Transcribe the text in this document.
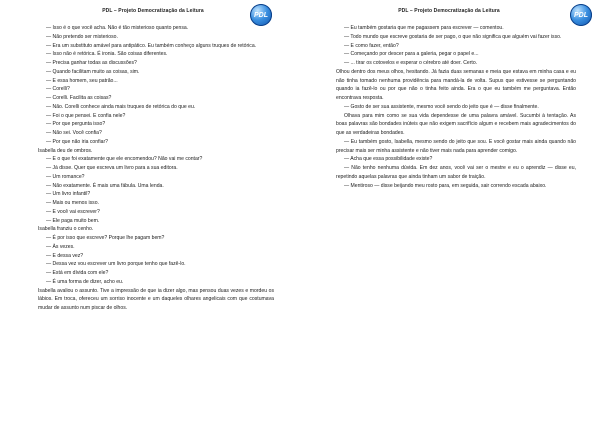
PDL – Projeto Democratização da Leitura
PDL

— Isso é o que você acha. Não é tão misterioso quanto pensa.

— Não pretendo ser misterioso.

— Era um substituto amável para antipático. Eu também conheço alguns truques de retórica.

— Isso não é retórica. É ironia. São coisas diferentes.

— Precisa ganhar todas as discussões?

— Quando facilitam muito as coisas, sim.

— E essa homem, seu patrão...

— Corelli?

— Corelli. Facilita as coisas?

— Não. Corelli conhece ainda mais truques de retórica do que eu.

— Foi o que pensei. E confia nele?

— Por que pergunta isso?

— Não sei. Você confia?

— Por que não iria confiar?

Isabella deu de ombros.

— E o que foi exatamente que ele encomendou? Não vai me contar?

— Já disse. Quer que escreva um livro para a sua editora.

— Um romance?

— Não exatamente. É mais uma fábula. Uma lenda.

— Um livro infantil?

— Mais ou menos isso.

— E você vai escrever?

— Ele paga muito bem.

Isabella franziu o cenho.

— É por isso que escreve? Porque lhe pagam bem?

— Às vezes.

— E dessa vez?

— Dessa vez vou escrever um livro porque tenho que fazê-lo.

— Está em dívida com ele?

— É uma forma de dizer, acho eu.

Isabella avaliou o assunto. Tive a impressão de que ia dizer algo, mas pensou duas vezes e mordeu os lábios. Em troca, ofereceu um sorriso inocente e um daqueles olhares angelicais com que costumava mudar de assunto num piscar de olhos.

PDL – Projeto Democratização da Leitura
PDL

— Eu também gostaria que me pagassem para escrever — comentou.

— Todo mundo que escreve gostaria de ser pago, o que não significa que alguém vai fazer isso.

— E como fazer, então?

— Começando por descer para a galeria, pegar o papel e...

— ... tirar os cotovelos e esperar o cérebro até doer. Certo.

Olhou dentro dos meus olhos, hesitando. Já fazia duas semanas e meia que estava em minha casa e eu não tinha tomado nenhuma providência para mandá-la de volta. Supus que estivesse se perguntando quando ia fazê-lo ou por que não o tinha feito ainda. Era o que eu também me perguntava. Então encontrava resposta.

— Gosto de ser sua assistente, mesmo você sendo do jeito que é — disse finalmente.

Olhava para mim como se sua vida dependesse de uma palavra amável. Sucumbi à tentação. As boas palavras são bondades inúteis que não exigem sacrifício algum e recebem mais agradecimentos do que as verdadeiras bondades.

— Eu também gosto, Isabella, mesmo sendo do jeito que sou. E você gostar mais ainda quando não precisar mais ser minha assistente e não tiver mais nada para aprender comigo.

— Acha que essa possibilidade existe?

— Não tenho nenhuma dúvida. Em dez anos, você vai ser o mestre e eu o aprendiz — disse eu, repetindo aquelas palavras que ainda tinham um sabor de traição.

— Mentiroso — disse beijando meu rosto para, em seguida, sair correndo escada abaixo.
